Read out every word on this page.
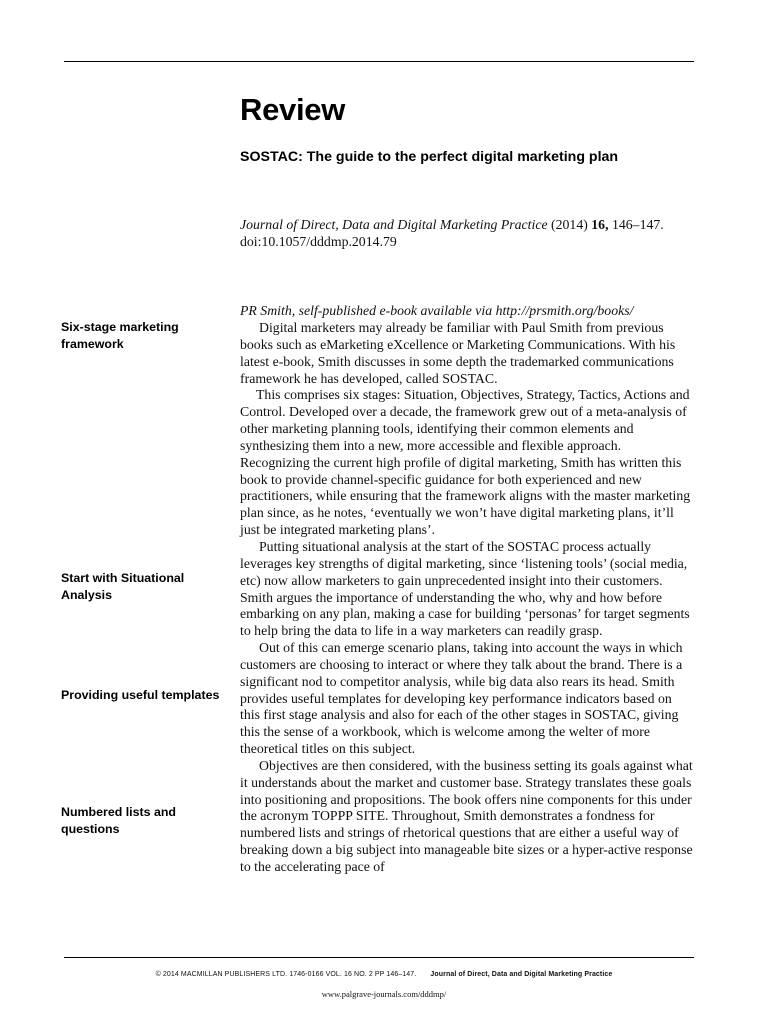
Review
SOSTAC: The guide to the perfect digital marketing plan
Journal of Direct, Data and Digital Marketing Practice (2014) 16, 146–147.
doi:10.1057/dddmp.2014.79
PR Smith, self-published e-book available via http://prsmith.org/books/
Six-stage marketing framework
Start with Situational Analysis
Providing useful templates
Numbered lists and questions

Digital marketers may already be familiar with Paul Smith from previous books such as eMarketing eXcellence or Marketing Communications. With his latest e-book, Smith discusses in some depth the trademarked communications framework he has developed, called SOSTAC.

This comprises six stages: Situation, Objectives, Strategy, Tactics, Actions and Control. Developed over a decade, the framework grew out of a meta-analysis of other marketing planning tools, identifying their common elements and synthesizing them into a new, more accessible and flexible approach. Recognizing the current high profile of digital marketing, Smith has written this book to provide channel-specific guidance for both experienced and new practitioners, while ensuring that the framework aligns with the master marketing plan since, as he notes, ‘eventually we won’t have digital marketing plans, it’ll just be integrated marketing plans’.

Putting situational analysis at the start of the SOSTAC process actually leverages key strengths of digital marketing, since ‘listening tools’ (social media, etc) now allow marketers to gain unprecedented insight into their customers. Smith argues the importance of understanding the who, why and how before embarking on any plan, making a case for building ‘personas’ for target segments to help bring the data to life in a way marketers can readily grasp.

Out of this can emerge scenario plans, taking into account the ways in which customers are choosing to interact or where they talk about the brand. There is a significant nod to competitor analysis, while big data also rears its head. Smith provides useful templates for developing key performance indicators based on this first stage analysis and also for each of the other stages in SOSTAC, giving this the sense of a workbook, which is welcome among the welter of more theoretical titles on this subject.

Objectives are then considered, with the business setting its goals against what it understands about the market and customer base. Strategy translates these goals into positioning and propositions. The book offers nine components for this under the acronym TOPPP SITE. Throughout, Smith demonstrates a fondness for numbered lists and strings of rhetorical questions that are either a useful way of breaking down a big subject into manageable bite sizes or a hyper-active response to the accelerating pace of

© 2014 MACMILLAN PUBLISHERS LTD. 1746-0166 VOL. 16 NO. 2 PP 146–147. Journal of Direct, Data and Digital Marketing Practice
www.palgrave-journals.com/dddmp/
